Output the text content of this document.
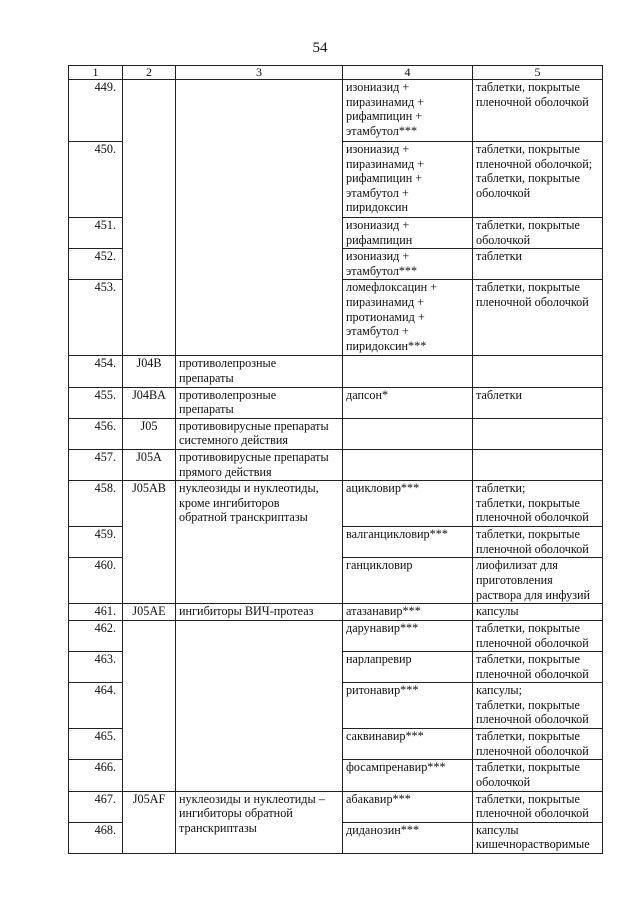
54
1	2	3	4	5
449.			изониазид +
пиразинамид +
рифампицин +
этамбутол***	таблетки, покрытые
пленочной оболочкой

450.			изониазид +
пиразинамид +
рифампицин +
этамбутол +
пиридоксин	таблетки, покрытые
пленочной оболочкой;
таблетки, покрытые
оболочкой

451.			изониазид +
рифампицин	таблетки, покрытые
оболочкой

452.			изониазид +
этамбутол***	таблетки

453.			ломефлоксацин +
пиразинамид +
протионамид +
этамбутол +
пиридоксин***	таблетки, покрытые
пленочной оболочкой

454.	J04B	противолепрозные
препараты		

455.	J04BA	противолепрозные
препараты	дапсон*	таблетки

456.	J05	противовирусные препараты
системного действия		

457.	J05A	противовирусные препараты
прямого действия		

458.	J05AB	нуклеозиды и нуклеотиды,
кроме ингибиторов
обратной транскриптазы	ацикловир***	таблетки;
таблетки, покрытые
пленочной оболочкой

459.			валганцикловир***	таблетки, покрытые
пленочной оболочкой

460.			ганцикловир	лиофилизат для
приготовления
раствора для инфузий

461.	J05AE	ингибиторы ВИЧ-протеаз	атазанавир***	капсулы

462.			дарунавир***	таблетки, покрытые
пленочной оболочкой

463.			нарлапревир	таблетки, покрытые
пленочной оболочкой

464.			ритонавир***	капсулы;
таблетки, покрытые
пленочной оболочкой

465.			саквинавир***	таблетки, покрытые
пленочной оболочкой

466.			фосампренавир***	таблетки, покрытые
оболочкой

467.	J05AF	нуклеозиды и нуклеотиды –
ингибиторы обратной
транскриптазы	абакавир***	таблетки, покрытые
пленочной оболочкой

468.			диданозин***	капсулы
кишечнорастворимые
